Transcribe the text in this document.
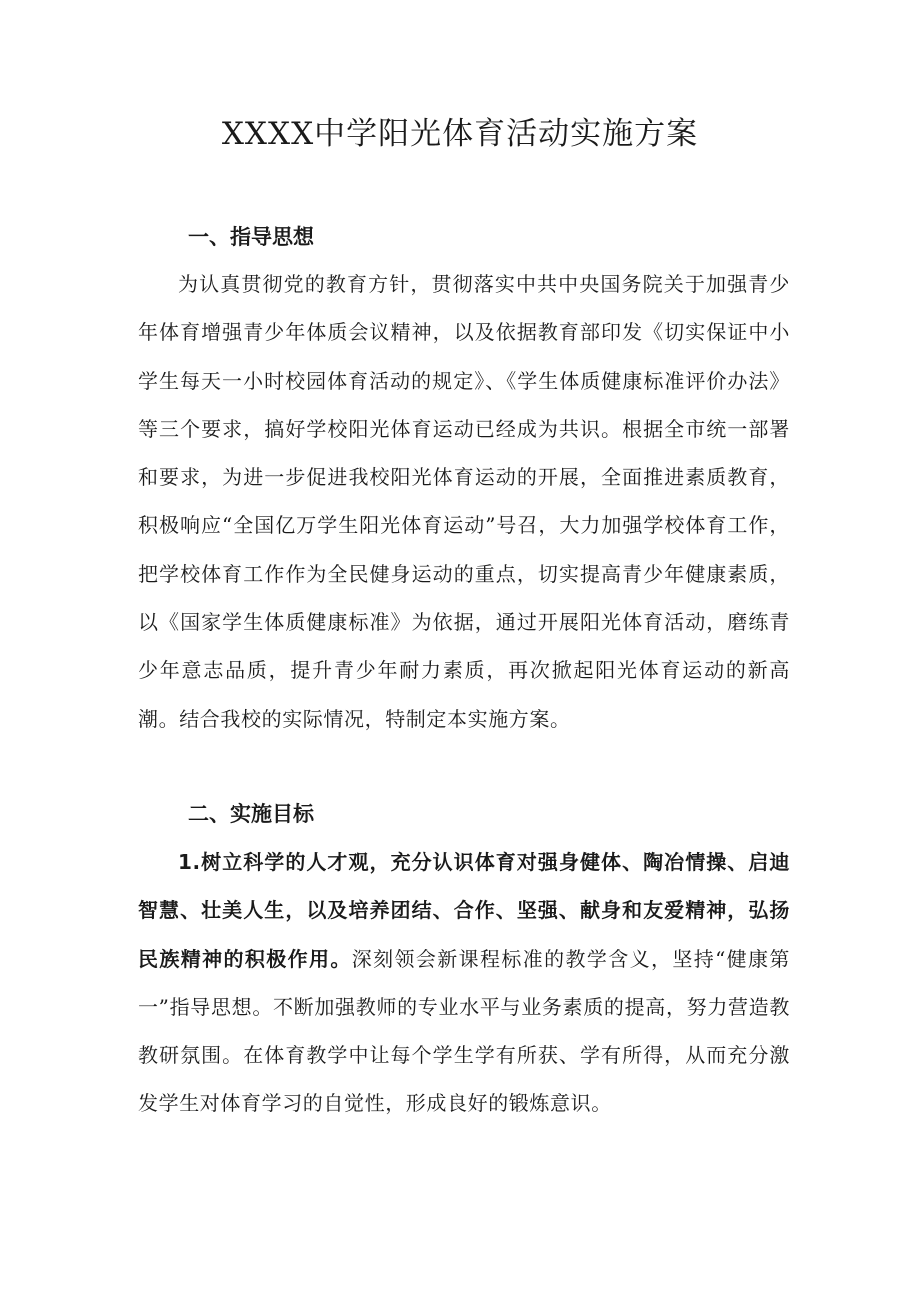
XXXX中学阳光体育活动实施方案
一、指导思想

为认真贯彻党的教育方针，贯彻落实中共中央国务院关于加强青少年体育增强青少年体质会议精神，以及依据教育部印发《切实保证中小学生每天一小时校园体育活动的规定》、《学生体质健康标准评价办法》等三个要求，搞好学校阳光体育运动已经成为共识。根据全市统一部署和要求，为进一步促进我校阳光体育运动的开展，全面推进素质教育，积极响应“全国亿万学生阳光体育运动”号召，大力加强学校体育工作，把学校体育工作作为全民健身运动的重点，切实提高青少年健康素质，以《国家学生体质健康标准》为依据，通过开展阳光体育活动，磨练青少年意志品质，提升青少年耐力素质，再次掀起阳光体育运动的新高潮。结合我校的实际情况，特制定本实施方案。

二、实施目标

1.树立科学的人才观，充分认识体育对强身健体、陶冶情操、启迪智慧、壮美人生，以及培养团结、合作、坚强、献身和友爱精神，弘扬民族精神的积极作用。深刻领会新课程标准的教学含义，坚持“健康第一”指导思想。不断加强教师的专业水平与业务素质的提高，努力营造教教研氛围。在体育教学中让每个学生学有所获、学有所得，从而充分激发学生对体育学习的自觉性，形成良好的锻炼意识。
